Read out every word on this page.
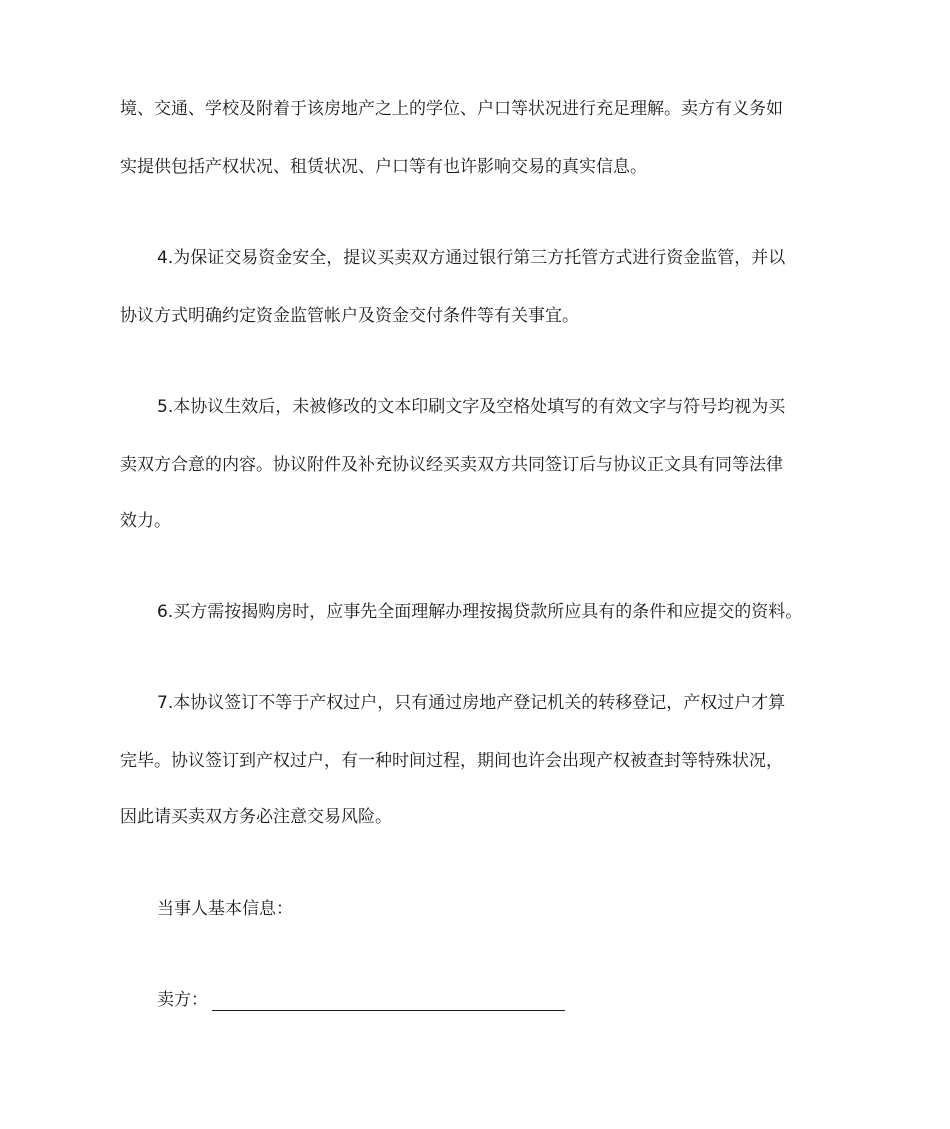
境、交通、学校及附着于该房地产之上的学位、户口等状况进行充足理解。卖方有义务如
实提供包括产权状况、租赁状况、户口等有也许影响交易的真实信息。
4.为保证交易资金安全，提议买卖双方通过银行第三方托管方式进行资金监管，并以
协议方式明确约定资金监管帐户及资金交付条件等有关事宜。
5.本协议生效后，未被修改的文本印刷文字及空格处填写的有效文字与符号均视为买
卖双方合意的内容。协议附件及补充协议经买卖双方共同签订后与协议正文具有同等法律
效力。
6.买方需按揭购房时，应事先全面理解办理按揭贷款所应具有的条件和应提交的资料。
7.本协议签订不等于产权过户，只有通过房地产登记机关的转移登记，产权过户才算
完毕。协议签订到产权过户，有一种时间过程，期间也许会出现产权被查封等特殊状况，
因此请买卖双方务必注意交易风险。
当事人基本信息：
卖方：
